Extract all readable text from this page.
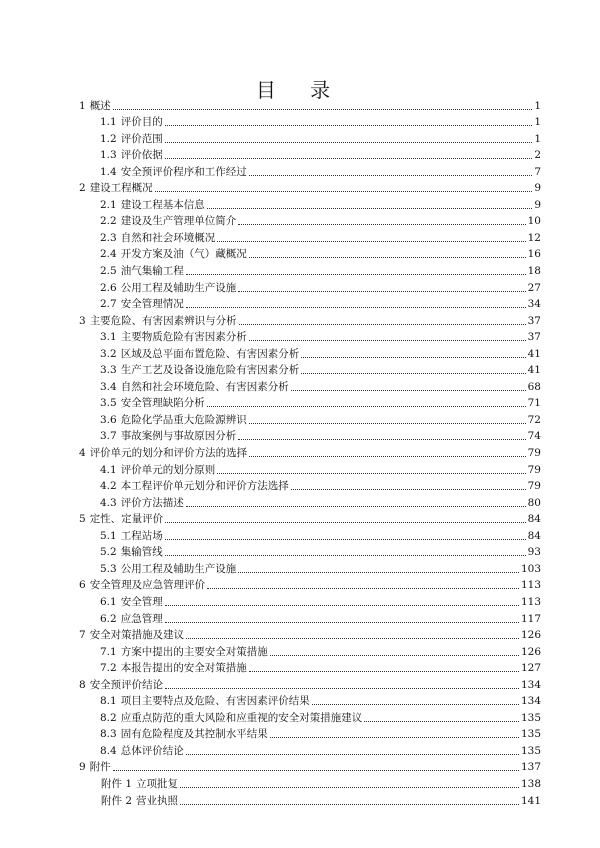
目 录
1 概述	1
1.1 评价目的	1
1.2 评价范围	1
1.3 评价依据	2
1.4 安全预评价程序和工作经过	7
2 建设工程概况	9
2.1 建设工程基本信息	9
2.2 建设及生产管理单位简介	10
2.3 自然和社会环境概况	12
2.4 开发方案及油（气）藏概况	16
2.5 油气集输工程	18
2.6 公用工程及辅助生产设施	27
2.7 安全管理情况	34
3 主要危险、有害因素辨识与分析	37
3.1 主要物质危险有害因素分析	37
3.2 区域及总平面布置危险、有害因素分析	41
3.3 生产工艺及设备设施危险有害因素分析	41
3.4 自然和社会环境危险、有害因素分析	68
3.5 安全管理缺陷分析	71
3.6 危险化学品重大危险源辨识	72
3.7 事故案例与事故原因分析	74
4 评价单元的划分和评价方法的选择	79
4.1 评价单元的划分原则	79
4.2 本工程评价单元划分和评价方法选择	79
4.3 评价方法描述	80
5 定性、定量评价	84
5.1 工程站场	84
5.2 集输管线	93
5.3 公用工程及辅助生产设施	103
6 安全管理及应急管理评价	113
6.1 安全管理	113
6.2 应急管理	117
7 安全对策措施及建议	126
7.1 方案中提出的主要安全对策措施	126
7.2 本报告提出的安全对策措施	127
8 安全预评价结论	134
8.1 项目主要特点及危险、有害因素评价结果	134
8.2 应重点防范的重大风险和应重视的安全对策措施建议	135
8.3 固有危险程度及其控制水平结果	135
8.4 总体评价结论	135
9 附件	137
附件 1 立项批复	138
附件 2 营业执照	141
